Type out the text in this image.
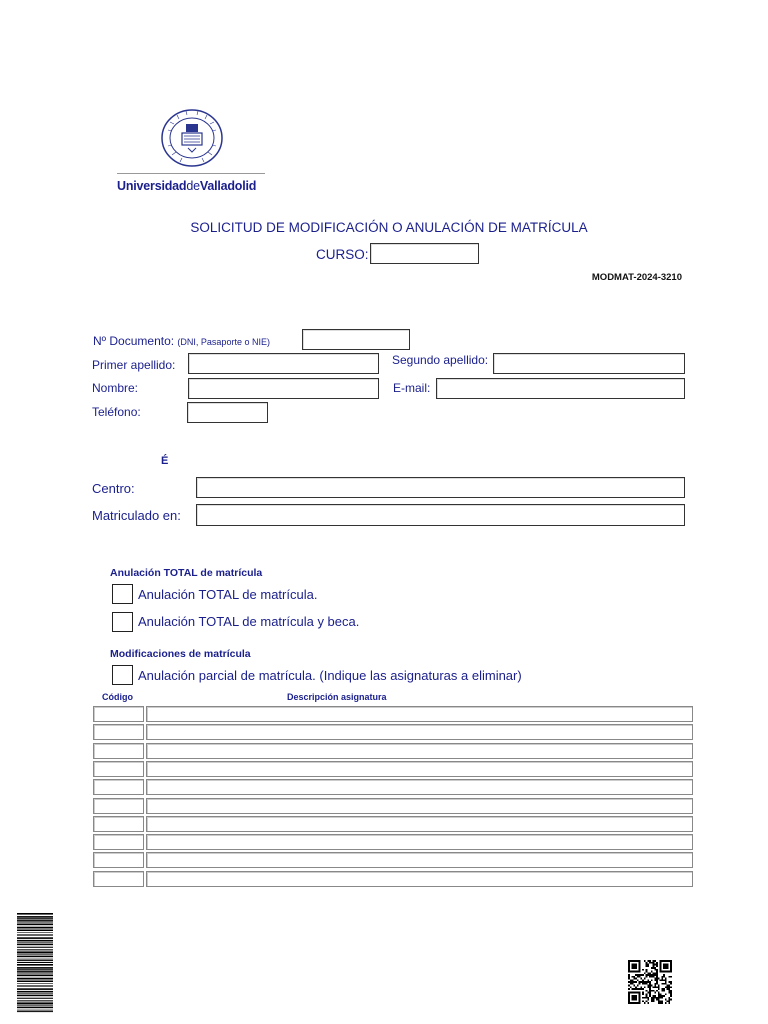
UniversidaddeValladolid
SOLICITUD DE MODIFICACIÓN O ANULACIÓN DE MATRÍCULA
CURSO:
MODMAT-2024-3210
Nº Documento: (DNI, Pasaporte o NIE)
Primer apellido:	Segundo apellido:
Nombre:	E-mail:
Teléfono:
É
Centro:
Matriculado en:
Anulación TOTAL de matrícula
Anulación TOTAL de matrícula.
Anulación TOTAL de matrícula y beca.
Modificaciones de matrícula
Anulación parcial de matrícula. (Indique las asignaturas a eliminar)
Código	Descripción asignatura
